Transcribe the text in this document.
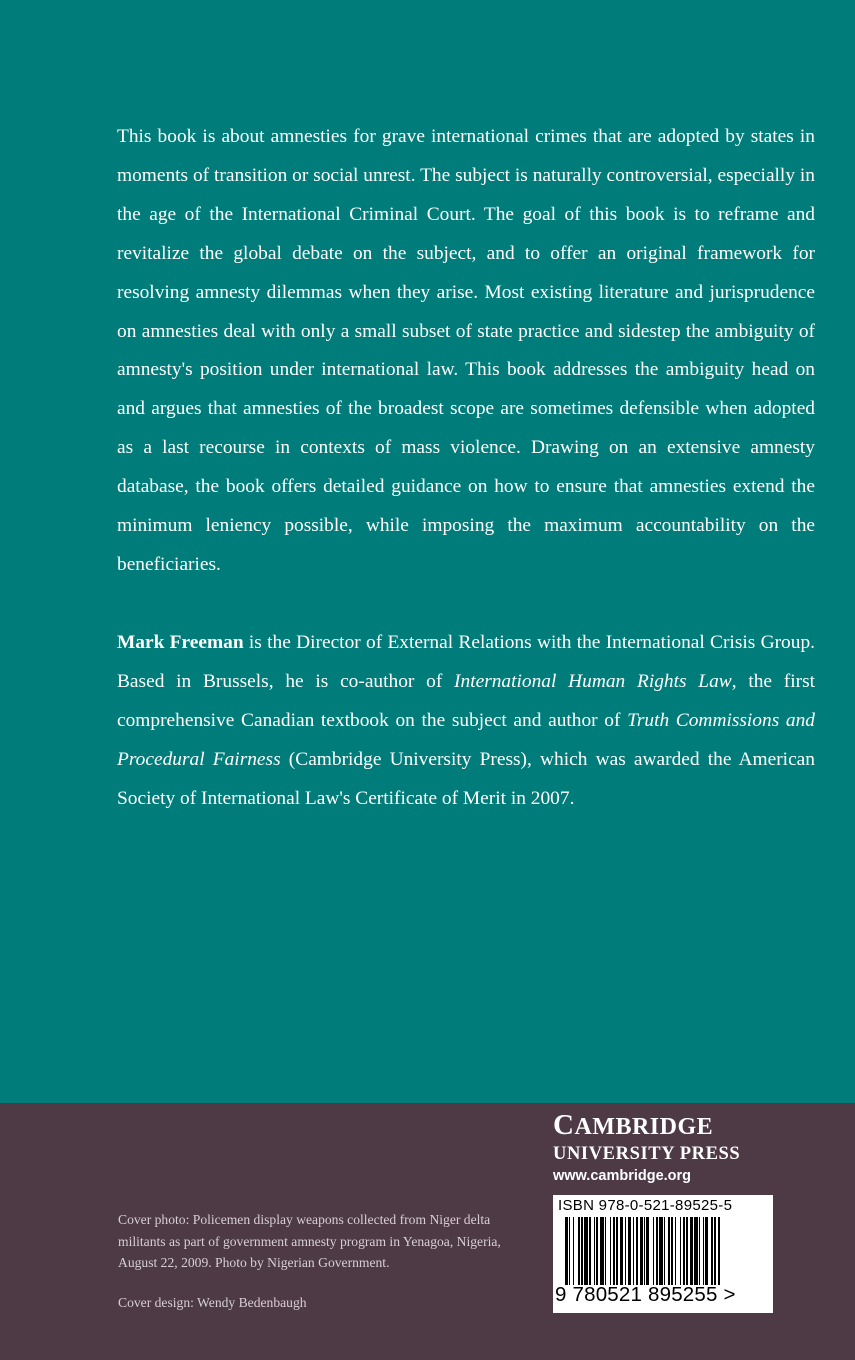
This book is about amnesties for grave international crimes that are adopted by states in moments of transition or social unrest. The subject is naturally controversial, especially in the age of the International Criminal Court. The goal of this book is to reframe and revitalize the global debate on the subject, and to offer an original framework for resolving amnesty dilemmas when they arise. Most existing literature and jurisprudence on amnesties deal with only a small subset of state practice and sidestep the ambiguity of amnesty's position under international law. This book addresses the ambiguity head on and argues that amnesties of the broadest scope are sometimes defensible when adopted as a last recourse in contexts of mass violence. Drawing on an extensive amnesty database, the book offers detailed guidance on how to ensure that amnesties extend the minimum leniency possible, while imposing the maximum accountability on the beneficiaries.

Mark Freeman is the Director of External Relations with the International Crisis Group. Based in Brussels, he is co-author of International Human Rights Law, the first comprehensive Canadian textbook on the subject and author of Truth Commissions and Procedural Fairness (Cambridge University Press), which was awarded the American Society of International Law's Certificate of Merit in 2007.

Cover photo: Policemen display weapons collected from Niger delta militants as part of government amnesty program in Yenagoa, Nigeria, August 22, 2009. Photo by Nigerian Government.

Cover design: Wendy Bedenbaugh

CAMBRIDGE
UNIVERSITY PRESS
www.cambridge.org
ISBN 978-0-521-89525-5
9 780521 895255 >
